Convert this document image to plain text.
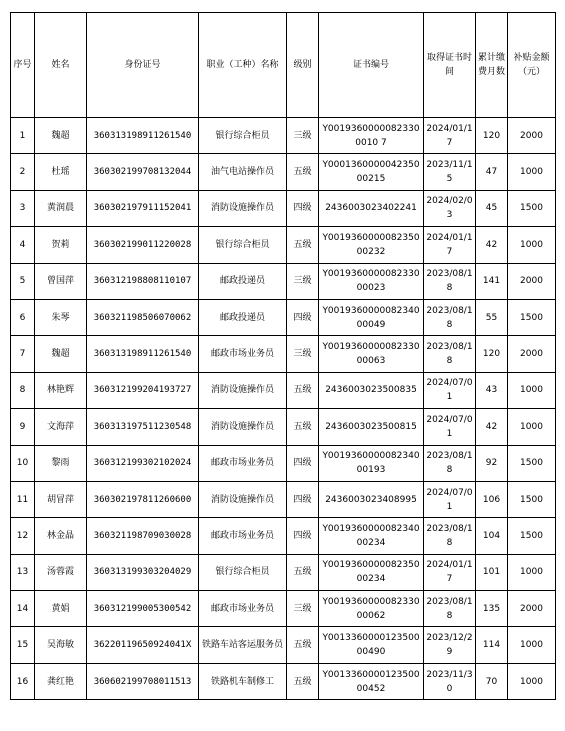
序号	姓名	身份证号	职业（工种）名称	级别	证书编号	取得证书时间	累计缴费月数	补贴金额（元）
1	魏超	360313198911261540	银行综合柜员	三级	Y00193600000823300010 7	2024/01/17	120	2000
2	杜瑶	360302199708132044	油气电站操作员	五级	Y000136000004235000215	2023/11/15	47	1000
3	黄润晨	360302197911152041	消防设施操作员	四级	2436003023402241	2024/02/03	45	1500
4	贺莉	360302199011220028	银行综合柜员	五级	Y001936000008235000232	2024/01/17	42	1000
5	曾国萍	360312198808110107	邮政投递员	三级	Y001936000008233000023	2023/08/18	141	2000
6	朱琴	360321198506070062	邮政投递员	四级	Y001936000008234000049	2023/08/18	55	1500
7	魏超	360313198911261540	邮政市场业务员	三级	Y001936000008233000063	2023/08/18	120	2000
8	林艳辉	360312199204193727	消防设施操作员	五级	2436003023500835	2024/07/01	43	1000
9	文海萍	360313197511230548	消防设施操作员	五级	2436003023500815	2024/07/01	42	1000
10	黎雨	360312199302102024	邮政市场业务员	四级	Y001936000008234000193	2023/08/18	92	1500
11	胡冒萍	360302197811260600	消防设施操作员	四级	2436003023408995	2024/07/01	106	1500
12	林金晶	360321198709030028	邮政市场业务员	四级	Y001936000008234000234	2023/08/18	104	1500
13	汤蓉霞	360313199303204029	银行综合柜员	五级	Y001936000008235000234	2024/01/17	101	1000
14	黄娟	360312199005300542	邮政市场业务员	三级	Y001936000008233000062	2023/08/18	135	2000
15	吴海敏	36220119650924041X	铁路车站客运服务员	五级	Y001336000012350000490	2023/12/29	114	1000
16	龚红艳	360602199708011513	铁路机车制修工	五级	Y001336000012350000452	2023/11/30	70	1000
